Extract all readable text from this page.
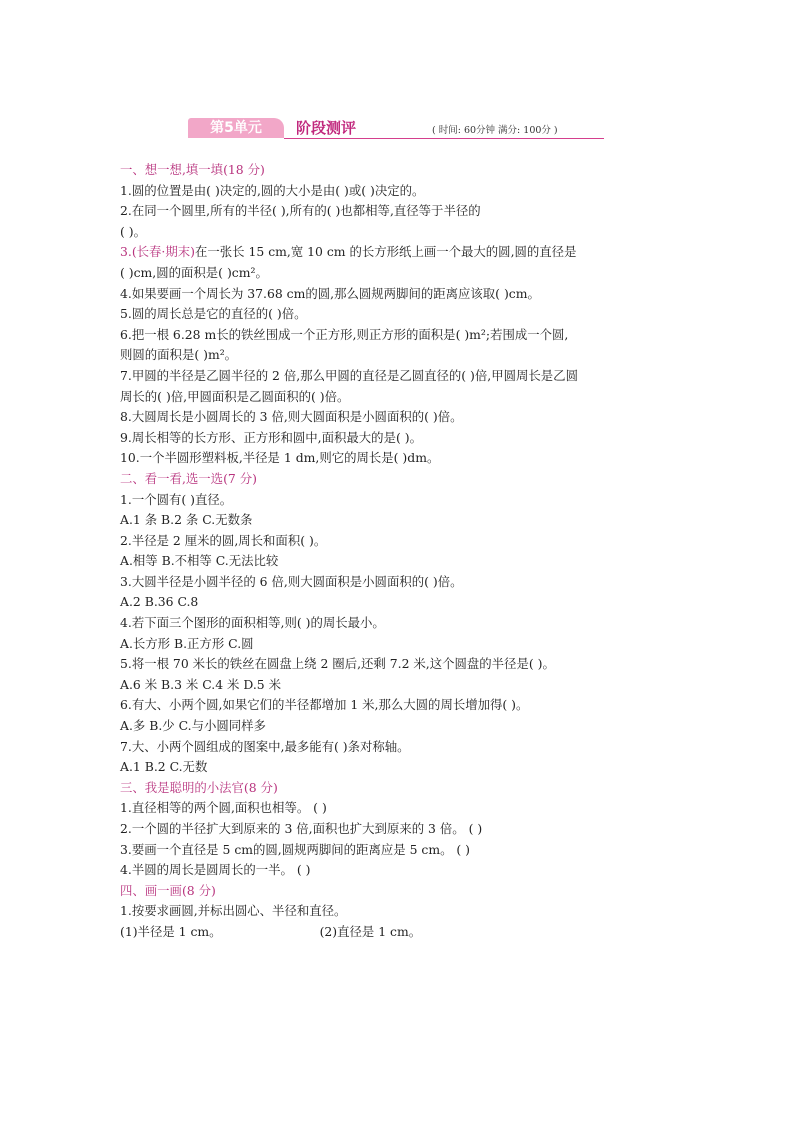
第5单元	阶段测评	( 时间: 60分钟 满分: 100分 )
一、想一想,填一填(18 分)
1.圆的位置是由( )决定的,圆的大小是由( )或( )决定的。
2.在同一个圆里,所有的半径( ),所有的( )也都相等,直径等于半径的
( )。
3.(长春·期末)在一张长 15 cm,宽 10 cm 的长方形纸上画一个最大的圆,圆的直径是
( )cm,圆的面积是( )cm²。
4.如果要画一个周长为 37.68 cm的圆,那么圆规两脚间的距离应该取( )cm。
5.圆的周长总是它的直径的( )倍。
6.把一根 6.28 m长的铁丝围成一个正方形,则正方形的面积是( )m²;若围成一个圆,
则圆的面积是( )m²。
7.甲圆的半径是乙圆半径的 2 倍,那么甲圆的直径是乙圆直径的( )倍,甲圆周长是乙圆
周长的( )倍,甲圆面积是乙圆面积的( )倍。
8.大圆周长是小圆周长的 3 倍,则大圆面积是小圆面积的( )倍。
9.周长相等的长方形、正方形和圆中,面积最大的是( )。
10.一个半圆形塑料板,半径是 1 dm,则它的周长是( )dm。
二、看一看,选一选(7 分)
1.一个圆有( )直径。
A.1 条 B.2 条 C.无数条
2.半径是 2 厘米的圆,周长和面积( )。
A.相等 B.不相等 C.无法比较
3.大圆半径是小圆半径的 6 倍,则大圆面积是小圆面积的( )倍。
A.2 B.36 C.8
4.若下面三个图形的面积相等,则( )的周长最小。
A.长方形 B.正方形 C.圆
5.将一根 70 米长的铁丝在圆盘上绕 2 圈后,还剩 7.2 米,这个圆盘的半径是( )。
A.6 米 B.3 米 C.4 米 D.5 米
6.有大、小两个圆,如果它们的半径都增加 1 米,那么大圆的周长增加得( )。
A.多 B.少 C.与小圆同样多
7.大、小两个圆组成的图案中,最多能有( )条对称轴。
A.1 B.2 C.无数
三、我是聪明的小法官(8 分)
1.直径相等的两个圆,面积也相等。 ( )
2.一个圆的半径扩大到原来的 3 倍,面积也扩大到原来的 3 倍。 ( )
3.要画一个直径是 5 cm的圆,圆规两脚间的距离应是 5 cm。 ( )
4.半圆的周长是圆周长的一半。 ( )
四、画一画(8 分)
1.按要求画圆,并标出圆心、半径和直径。
(1)半径是 1 cm。	(2)直径是 1 cm。
